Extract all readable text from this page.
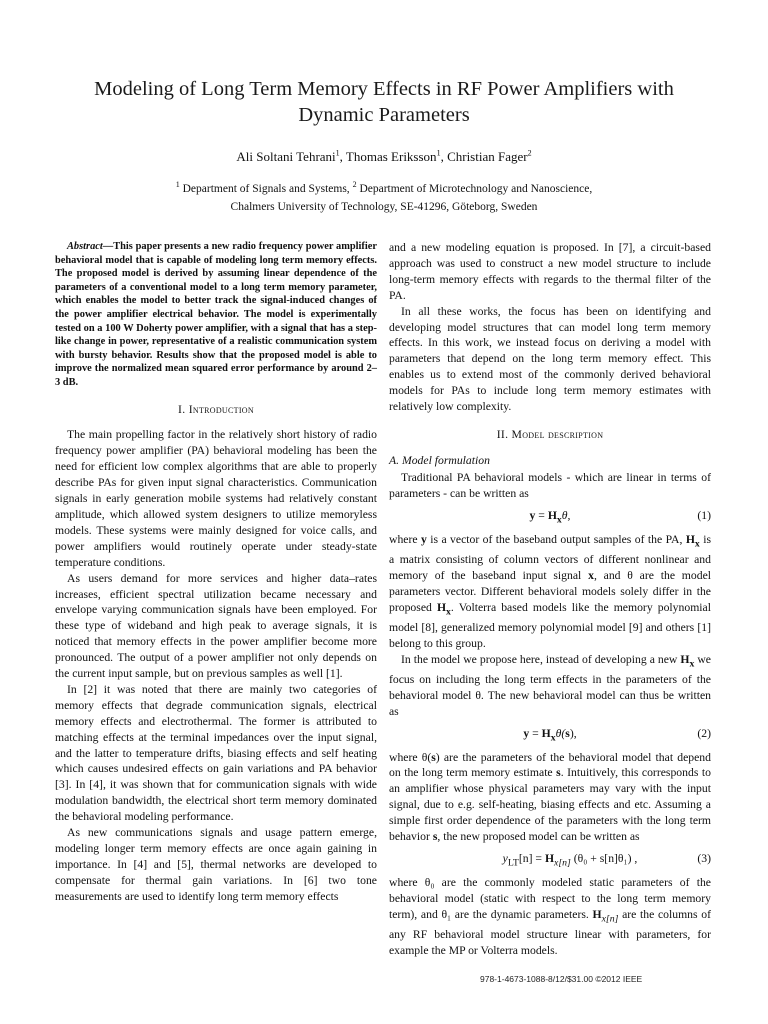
Modeling of Long Term Memory Effects in RF Power Amplifiers with Dynamic Parameters
Ali Soltani Tehrani$^1$, Thomas Eriksson$^1$, Christian Fager$^2$
$^1$ Department of Signals and Systems, $^2$ Department of Microtechnology and Nanoscience,
Chalmers University of Technology, SE-41296, Göteborg, Sweden

Abstract—This paper presents a new radio frequency power amplifier behavioral model that is capable of modeling long term memory effects. The proposed model is derived by assuming linear dependence of the parameters of a conventional model to a long term memory parameter, which enables the model to better track the signal-induced changes of the power amplifier electrical behavior. The model is experimentally tested on a 100 W Doherty power amplifier, with a signal that has a step-like change in power, representative of a realistic communication system with bursty behavior. Results show that the proposed model is able to improve the normalized mean squared error performance by around 2–3 dB.

I. Introduction

The main propelling factor in the relatively short history of radio frequency power amplifier (PA) behavioral modeling has been the need for efficient low complex algorithms that are able to properly describe PAs for given input signal characteristics. Communication signals in early generation mobile systems had relatively constant amplitude, which allowed system designers to utilize memoryless models. These systems were mainly designed for voice calls, and power amplifiers would routinely operate under steady-state temperature conditions.

As users demand for more services and higher data–rates increases, efficient spectral utilization became necessary and envelope varying communication signals have been employed. For these type of wideband and high peak to average signals, it is noticed that memory effects in the power amplifier become more pronounced. The output of a power amplifier not only depends on the current input sample, but on previous samples as well [1].

In [2] it was noted that there are mainly two categories of memory effects that degrade communication signals, electrical memory effects and electrothermal. The former is attributed to matching effects at the terminal impedances over the input signal, and the latter to temperature drifts, biasing effects and self heating which causes undesired effects on gain variations and PA behavior [3]. In [4], it was shown that for communication signals with wide modulation bandwidth, the electrical short term memory dominated the behavioral modeling performance.

As new communications signals and usage pattern emerge, modeling longer term memory effects are once again gaining in importance. In [4] and [5], thermal networks are developed to compensate for thermal gain variations. In [6] two tone measurements are used to identify long term memory effects

and a new modeling equation is proposed. In [7], a circuit-based approach was used to construct a new model structure to include long-term memory effects with regards to the thermal filter of the PA.

In all these works, the focus has been on identifying and developing model structures that can model long term memory effects. In this work, we instead focus on deriving a model with parameters that depend on the long term memory effect. This enables us to extend most of the commonly derived behavioral models for PAs to include long term memory estimates with relatively low complexity.

II. Model description
A. Model formulation

Traditional PA behavioral models - which are linear in terms of parameters - can be written as

$y = H_x\theta$,	(1)

where y is a vector of the baseband output samples of the PA, $H_x$ is a matrix consisting of column vectors of different nonlinear and memory of the baseband input signal x, and θ are the model parameters vector. Different behavioral models solely differ in the proposed $H_x$. Volterra based models like the memory polynomial model [8], generalized memory polynomial model [9] and others [1] belong to this group.

In the model we propose here, instead of developing a new $H_x$ we focus on including the long term effects in the parameters of the behavioral model θ. The new behavioral model can thus be written as

$y = H_x\theta(s)$,	(2)

where θ(s) are the parameters of the behavioral model that depend on the long term memory estimate s. Intuitively, this corresponds to an amplifier whose physical parameters may vary with the input signal, due to e.g. self-heating, biasing effects and etc. Assuming a simple first order dependence of the parameters with the long term behavior s, the new proposed model can be written as

$y_{LT}[n] = H_{x[n]}$ (θ₀ + s[n]θ₁) ,	(3)

where θ₀ are the commonly modeled static parameters of the behavioral model (static with respect to the long term memory term), and θ₁ are the dynamic parameters. $H_{x[n]}$ are the columns of any RF behavioral model structure linear with parameters, for example the MP or Volterra models.

978-1-4673-1088-8/12/$31.00 ©2012 IEEE
